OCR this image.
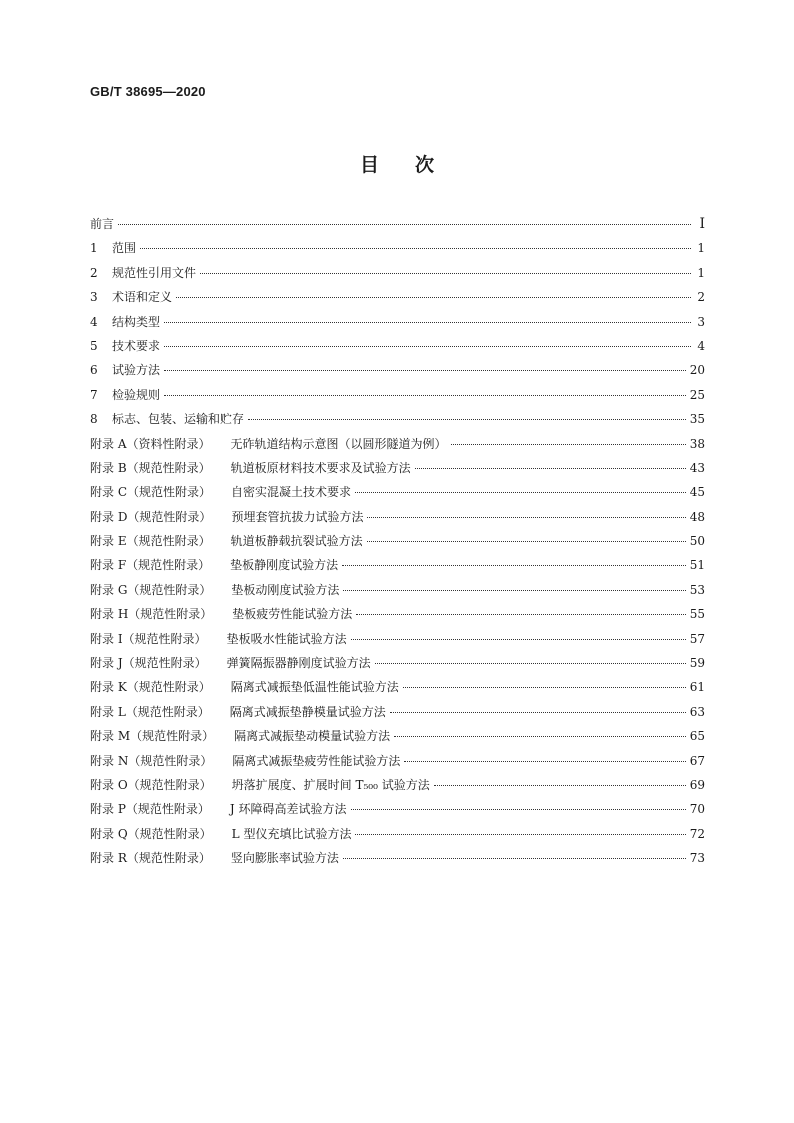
GB/T 38695—2020
目次
前言	Ⅰ
1 范围	1
2 规范性引用文件	1
3 术语和定义	2
4 结构类型	3
5 技术要求	4
6 试验方法	20
7 检验规则	25
8 标志、包装、运输和贮存	35
附录 A（资料性附录） 无砟轨道结构示意图（以圆形隧道为例）	38
附录 B（规范性附录） 轨道板原材料技术要求及试验方法	43
附录 C（规范性附录） 自密实混凝土技术要求	45
附录 D（规范性附录） 预埋套管抗拔力试验方法	48
附录 E（规范性附录） 轨道板静载抗裂试验方法	50
附录 F（规范性附录） 垫板静刚度试验方法	51
附录 G（规范性附录） 垫板动刚度试验方法	53
附录 H（规范性附录） 垫板疲劳性能试验方法	55
附录 I（规范性附录） 垫板吸水性能试验方法	57
附录 J（规范性附录） 弹簧隔振器静刚度试验方法	59
附录 K（规范性附录） 隔离式减振垫低温性能试验方法	61
附录 L（规范性附录） 隔离式减振垫静模量试验方法	63
附录 M（规范性附录） 隔离式减振垫动模量试验方法	65
附录 N（规范性附录） 隔离式减振垫疲劳性能试验方法	67
附录 O（规范性附录） 坍落扩展度、扩展时间 T₅₀₀ 试验方法	69
附录 P（规范性附录） J 环障碍高差试验方法	70
附录 Q（规范性附录） L 型仪充填比试验方法	72
附录 R（规范性附录） 竖向膨胀率试验方法	73
